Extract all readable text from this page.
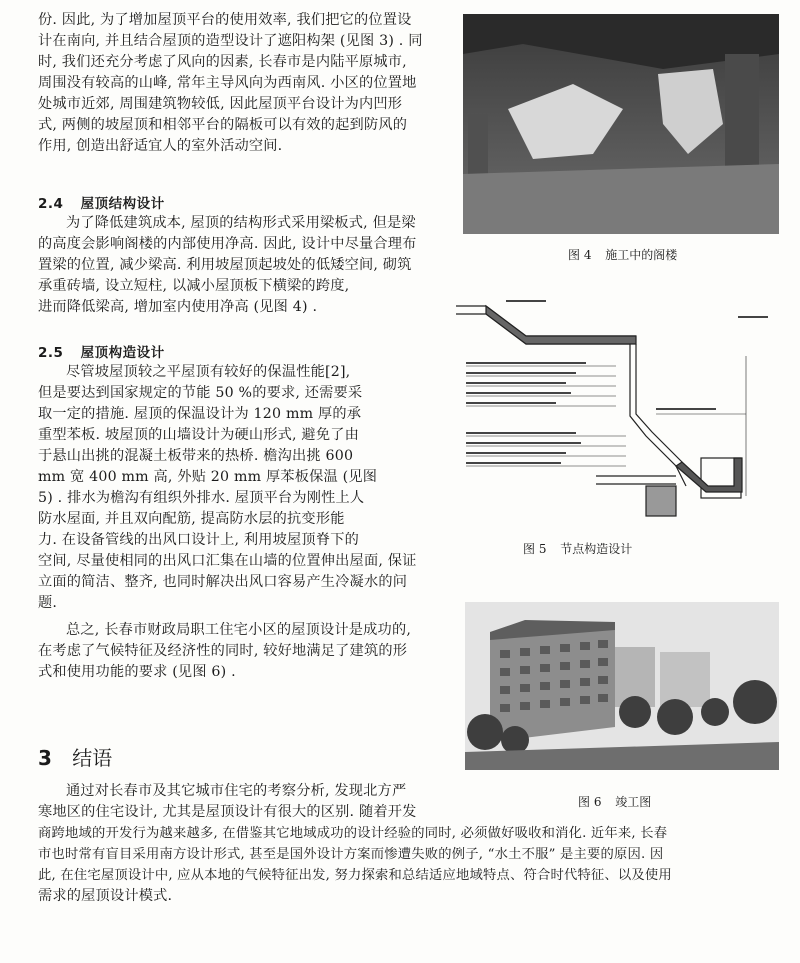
份. 因此, 为了增加屋顶平台的使用效率, 我们把它的位置设
计在南向, 并且结合屋顶的造型设计了遮阳构架 (见图 3) . 同
时, 我们还充分考虑了风向的因素, 长春市是内陆平原城市,
周围没有较高的山峰, 常年主导风向为西南风. 小区的位置地
处城市近郊, 周围建筑物较低, 因此屋顶平台设计为内凹形
式, 两侧的坡屋顶和相邻平台的隔板可以有效的起到防风的
作用, 创造出舒适宜人的室外活动空间.
2.4 屋顶结构设计
为了降低建筑成本, 屋顶的结构形式采用梁板式, 但是梁
的高度会影响阁楼的内部使用净高. 因此, 设计中尽量合理布
置梁的位置, 减少梁高. 利用坡屋顶起坡处的低矮空间, 砌筑
承重砖墙, 设立短柱, 以减小屋顶板下横梁的跨度,
进而降低梁高, 增加室内使用净高 (见图 4) .
2.5 屋顶构造设计
尽管坡屋顶较之平屋顶有较好的保温性能[2],
但是要达到国家规定的节能 50 %的要求, 还需要采
取一定的措施. 屋顶的保温设计为 120 mm 厚的承
重型苯板. 坡屋顶的山墙设计为硬山形式, 避免了由
于悬山出挑的混凝土板带来的热桥. 檐沟出挑 600
mm 宽 400 mm 高, 外贴 20 mm 厚苯板保温 (见图
5) . 排水为檐沟有组织外排水. 屋顶平台为刚性上人
防水屋面, 并且双向配筋, 提高防水层的抗变形能
力. 在设备管线的出风口设计上, 利用坡屋顶脊下的
空间, 尽量使相同的出风口汇集在山墙的位置伸出屋面, 保证
立面的简洁、整齐, 也同时解决出风口容易产生冷凝水的问
题.
总之, 长春市财政局职工住宅小区的屋顶设计是成功的,
在考虑了气候特征及经济性的同时, 较好地满足了建筑的形
式和使用功能的要求 (见图 6) .
3 结语
通过对长春市及其它城市住宅的考察分析, 发现北方严
寒地区的住宅设计, 尤其是屋顶设计有很大的区别. 随着开发
商跨地域的开发行为越来越多, 在借鉴其它地域成功的设计经验的同时, 必须做好吸收和消化. 近年来, 长春
市也时常有盲目采用南方设计形式, 甚至是国外设计方案而惨遭失败的例子, “水土不服” 是主要的原因. 因
此, 在住宅屋顶设计中, 应从本地的气候特征出发, 努力探索和总结适应地域特点、符合时代特征、以及使用
需求的屋顶设计模式.
图 4 施工中的阁楼
图 5 节点构造设计
图 6 竣工图
